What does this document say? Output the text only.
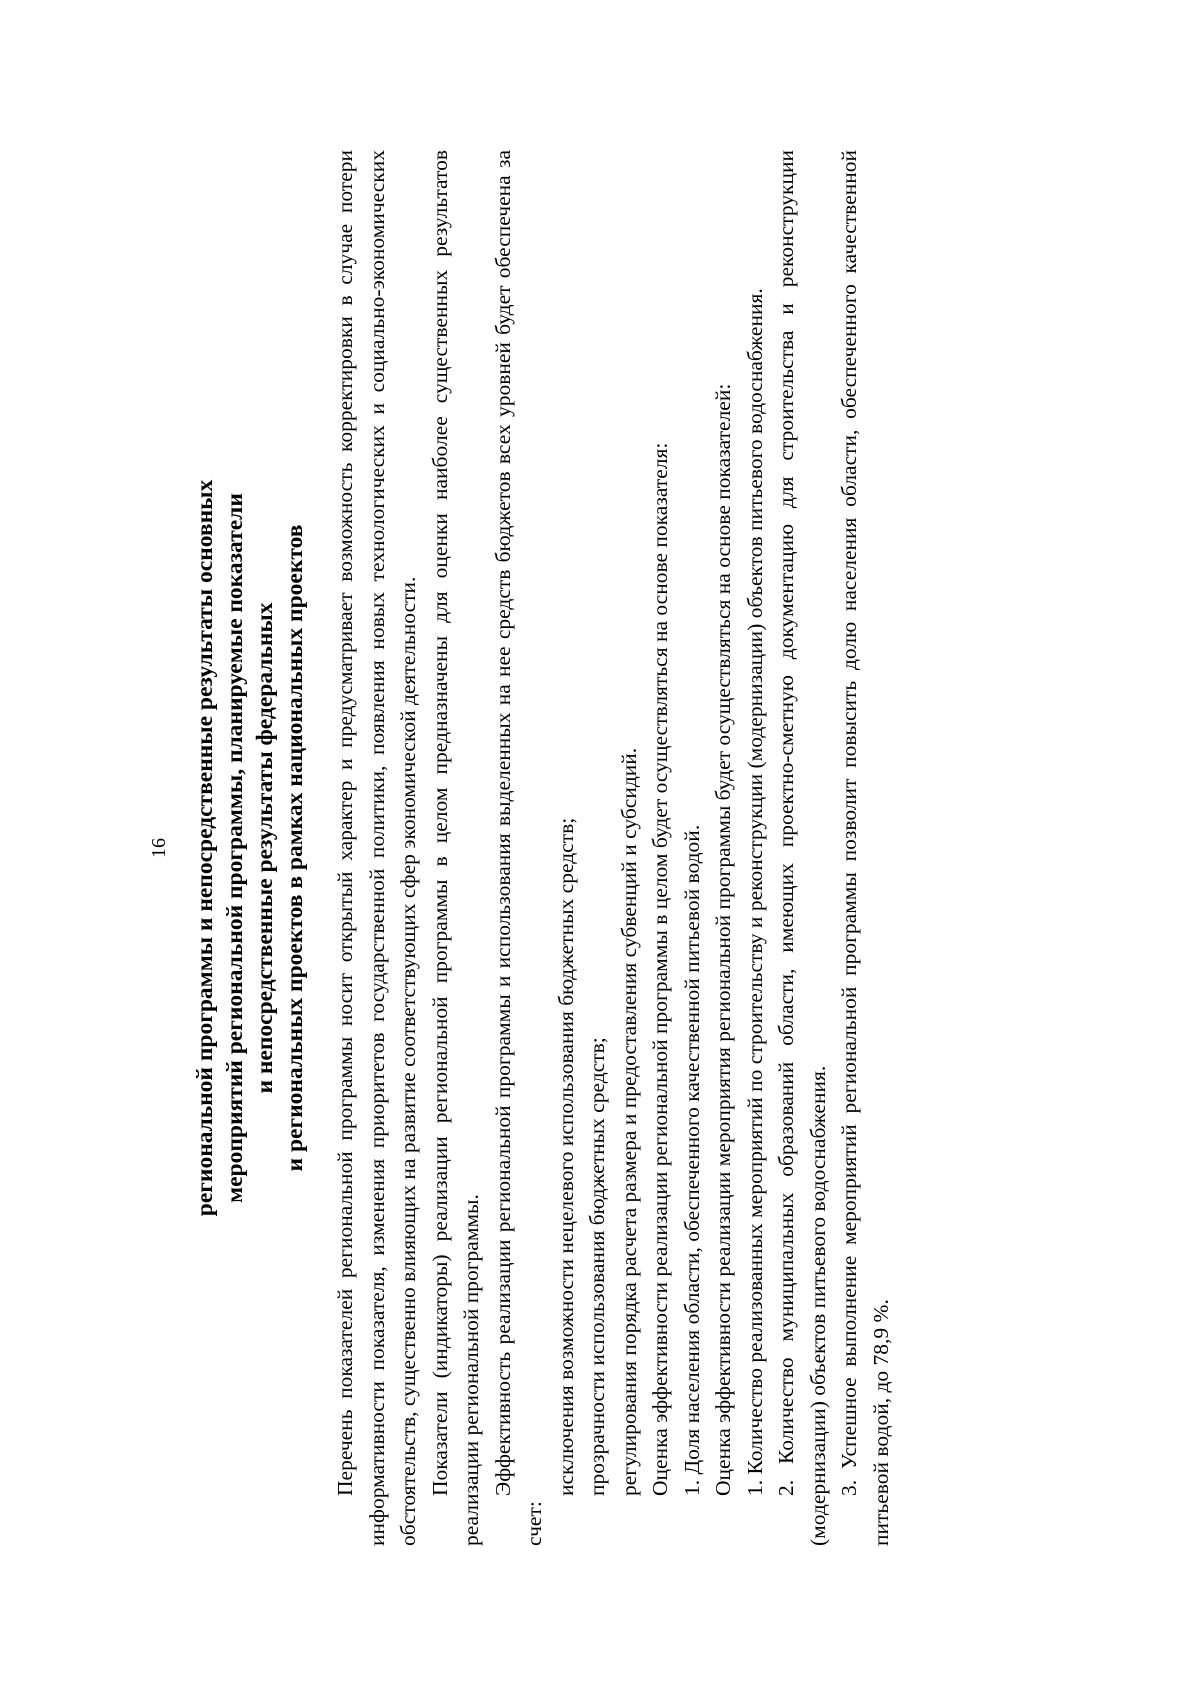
16 регионaльной программы и непосредственные результаты основных мероприятий региональной программы, планируемые показатели и непосредственные результаты федеральных и региональных проектов в рамках национальных проектов Перечень показателей региональной программы носит открытый характер и предусматривает возможность корректировки в случае потери информативности показателя, изменения приоритетов государственной политики, появления новых технологических и социально-экономических обстоятельств, существенно влияющих на развитие соответствующих сфер экономической деятельности. Показатели (индикаторы) реализации региональной программы в целом предназначены для оценки наиболее существенных результатов реализации региональной программы. Эффективность реализации региональной программы и использования выделенных на нее средств бюджетов всех уровней будет обеспечена за счет:

исключения возможности нецелевого использования бюджетных средств; прозрачности использования бюджетных средств; регулирования порядка расчета размера и предоставления субвенций и субсидий. Оценка эффективности реализации региональной программы в целом будет осуществляться на основе показателя: 1. Доля населения области, обеспеченного качественной питьевой водой. Оценка эффективности реализации мероприятия региональной программы будет осуществляться на основе показателей: 1. Количество реализованных мероприятий по строительству и реконструкции (модернизации) объектов питьевого водоснабжения. 2. Количество муниципальных образований области, имеющих проектно-сметную документацию для строительства и реконструкции (модернизации) объектов питьевого водоснабжения. 3. Успешное выполнение мероприятий региональной программы позволит повысить долю населения области, обеспеченного качественной питьевой водой, до 78,9 %.
